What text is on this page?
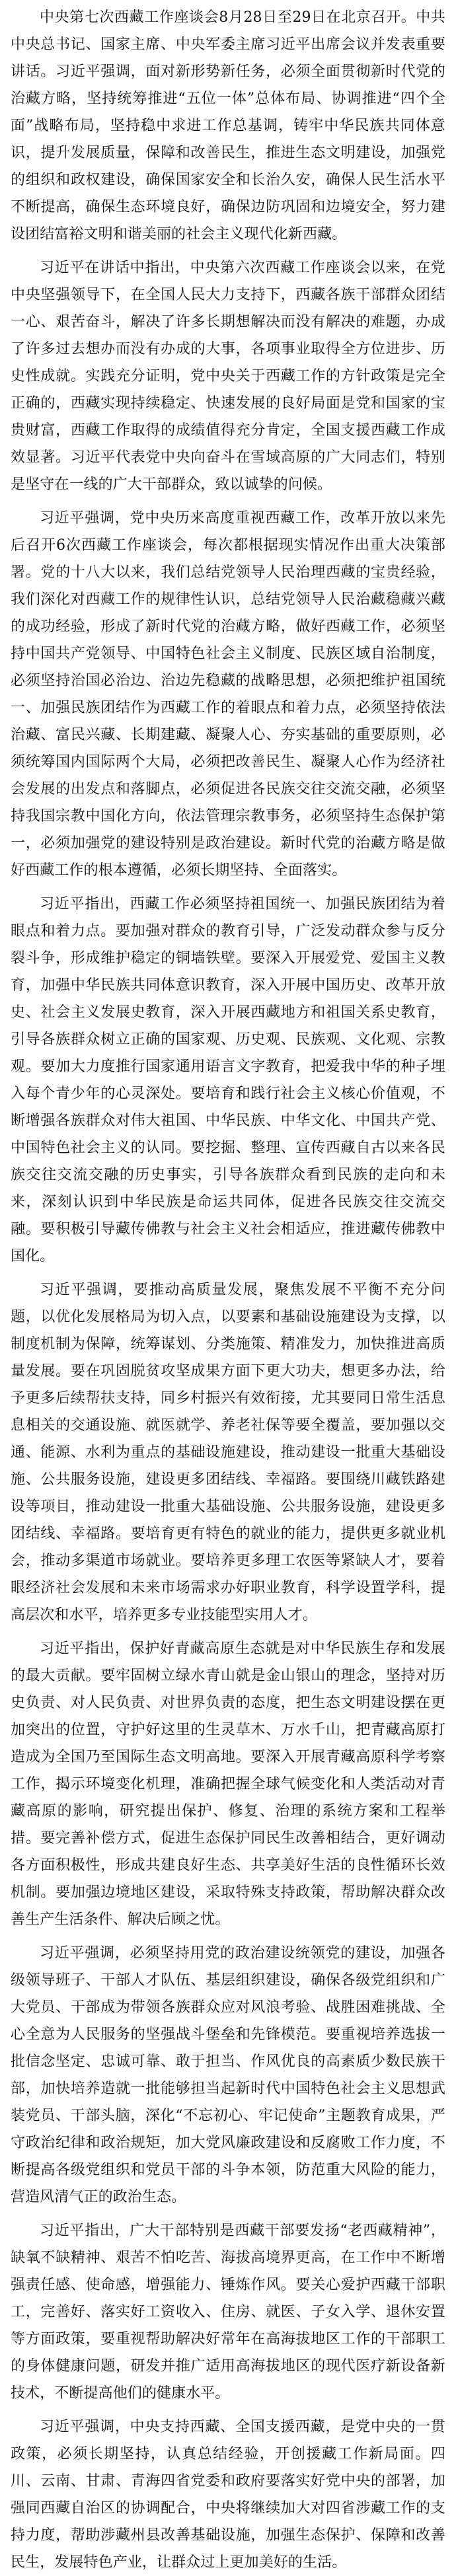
中央第七次西藏工作座谈会8月28日至29日在北京召开。中共中央总书记、国家主席、中央军委主席习近平出席会议并发表重要讲话。习近平强调，面对新形势新任务，必须全面贯彻新时代党的治藏方略，坚持统筹推进“五位一体”总体布局、协调推进“四个全面”战略布局，坚持稳中求进工作总基调，铸牢中华民族共同体意识，提升发展质量，保障和改善民生，推进生态文明建设，加强党的组织和政权建设，确保国家安全和长治久安，确保人民生活水平不断提高，确保生态环境良好，确保边防巩固和边境安全，努力建设团结富裕文明和谐美丽的社会主义现代化新西藏。

习近平在讲话中指出，中央第六次西藏工作座谈会以来，在党中央坚强领导下，在全国人民大力支持下，西藏各族干部群众团结一心、艰苦奋斗，解决了许多长期想解决而没有解决的难题，办成了许多过去想办而没有办成的大事，各项事业取得全方位进步、历史性成就。实践充分证明，党中央关于西藏工作的方针政策是完全正确的，西藏实现持续稳定、快速发展的良好局面是党和国家的宝贵财富，西藏工作取得的成绩值得充分肯定，全国支援西藏工作成效显著。习近平代表党中央向奋斗在雪域高原的广大同志们，特别是坚守在一线的广大干部群众，致以诚挚的问候。

习近平强调，党中央历来高度重视西藏工作，改革开放以来先后召开6次西藏工作座谈会，每次都根据现实情况作出重大决策部署。党的十八大以来，我们总结党领导人民治理西藏的宝贵经验，我们深化对西藏工作的规律性认识，总结党领导人民治藏稳藏兴藏的成功经验，形成了新时代党的治藏方略，做好西藏工作，必须坚持中国共产党领导、中国特色社会主义制度、民族区域自治制度，必须坚持治国必治边、治边先稳藏的战略思想，必须把维护祖国统一、加强民族团结作为西藏工作的着眼点和着力点，必须坚持依法治藏、富民兴藏、长期建藏、凝聚人心、夯实基础的重要原则，必须统筹国内国际两个大局，必须把改善民生、凝聚人心作为经济社会发展的出发点和落脚点，必须促进各民族交往交流交融，必须坚持我国宗教中国化方向，依法管理宗教事务，必须坚持生态保护第一，必须加强党的建设特别是政治建设。新时代党的治藏方略是做好西藏工作的根本遵循，必须长期坚持、全面落实。

习近平指出，西藏工作必须坚持祖国统一、加强民族团结为着眼点和着力点。要加强对群众的教育引导，广泛发动群众参与反分裂斗争，形成维护稳定的铜墙铁壁。要深入开展爱党、爱国主义教育，加强中华民族共同体意识教育，深入开展中国历史、改革开放史、社会主义发展史教育，深入开展西藏地方和祖国关系史教育，引导各族群众树立正确的国家观、历史观、民族观、文化观、宗教观。要加大力度推行国家通用语言文字教育，把爱我中华的种子埋入每个青少年的心灵深处。要培育和践行社会主义核心价值观，不断增强各族群众对伟大祖国、中华民族、中华文化、中国共产党、中国特色社会主义的认同。要挖掘、整理、宣传西藏自古以来各民族交往交流交融的历史事实，引导各族群众看到民族的走向和未来，深刻认识到中华民族是命运共同体，促进各民族交往交流交融。要积极引导藏传佛教与社会主义社会相适应，推进藏传佛教中国化。

习近平强调，要推动高质量发展，聚焦发展不平衡不充分问题，以优化发展格局为切入点，以要素和基础设施建设为支撑，以制度机制为保障，统筹谋划、分类施策、精准发力，加快推进高质量发展。要在巩固脱贫攻坚成果方面下更大功夫，想更多办法，给予更多后续帮扶支持，同乡村振兴有效衔接，尤其要同日常生活息息相关的交通设施、就医就学、养老社保等要全覆盖，要加强以交通、能源、水利为重点的基础设施建设，推动建设一批重大基础设施、公共服务设施，建设更多团结线、幸福路。要围绕川藏铁路建设等项目，推动建设一批重大基础设施、公共服务设施，建设更多团结线、幸福路。要培育更有特色的就业的能力，提供更多就业机会，推动多渠道市场就业。要培养更多理工农医等紧缺人才，要着眼经济社会发展和未来市场需求办好职业教育，科学设置学科，提高层次和水平，培养更多专业技能型实用人才。

习近平指出，保护好青藏高原生态就是对中华民族生存和发展的最大贡献。要牢固树立绿水青山就是金山银山的理念，坚持对历史负责、对人民负责、对世界负责的态度，把生态文明建设摆在更加突出的位置，守护好这里的生灵草木、万水千山，把青藏高原打造成为全国乃至国际生态文明高地。要深入开展青藏高原科学考察工作，揭示环境变化机理，准确把握全球气候变化和人类活动对青藏高原的影响，研究提出保护、修复、治理的系统方案和工程举措。要完善补偿方式，促进生态保护同民生改善相结合，更好调动各方面积极性，形成共建良好生态、共享美好生活的良性循环长效机制。要加强边境地区建设，采取特殊支持政策，帮助解决群众改善生产生活条件、解决后顾之忧。

习近平强调，必须坚持用党的政治建设统领党的建设，加强各级领导班子、干部人才队伍、基层组织建设，确保各级党组织和广大党员、干部成为带领各族群众应对风浪考验、战胜困难挑战、全心全意为人民服务的坚强战斗堡垒和先锋模范。要重视培养选拔一批信念坚定、忠诚可靠、敢于担当、作风优良的高素质少数民族干部，加快培养造就一批能够担当起新时代中国特色社会主义思想武装党员、干部头脑，深化“不忘初心、牢记使命”主题教育成果，严守政治纪律和政治规矩，加大党风廉政建设和反腐败工作力度，不断提高各级党组织和党员干部的斗争本领，防范重大风险的能力，营造风清气正的政治生态。

习近平指出，广大干部特别是西藏干部要发扬“老西藏精神”，缺氧不缺精神、艰苦不怕吃苦、海拔高境界更高，在工作中不断增强责任感、使命感，增强能力、锤炼作风。要关心爱护西藏干部职工，完善好、落实好工资收入、住房、就医、子女入学、退休安置等方面政策，要重视帮助解决好常年在高海拔地区工作的干部职工的身体健康问题，研发并推广适用高海拔地区的现代医疗新设备新技术，不断提高他们的健康水平。

习近平强调，中央支持西藏、全国支援西藏，是党中央的一贯政策，必须长期坚持，认真总结经验，开创援藏工作新局面。四川、云南、甘肃、青海四省党委和政府要落实好党中央的部署，加强同西藏自治区的协调配合，中央将继续加大对四省涉藏工作的支持力度，帮助涉藏州县改善基础设施，加强生态保护、保障和改善民生，发展特色产业，让群众过上更加美好的生活。
